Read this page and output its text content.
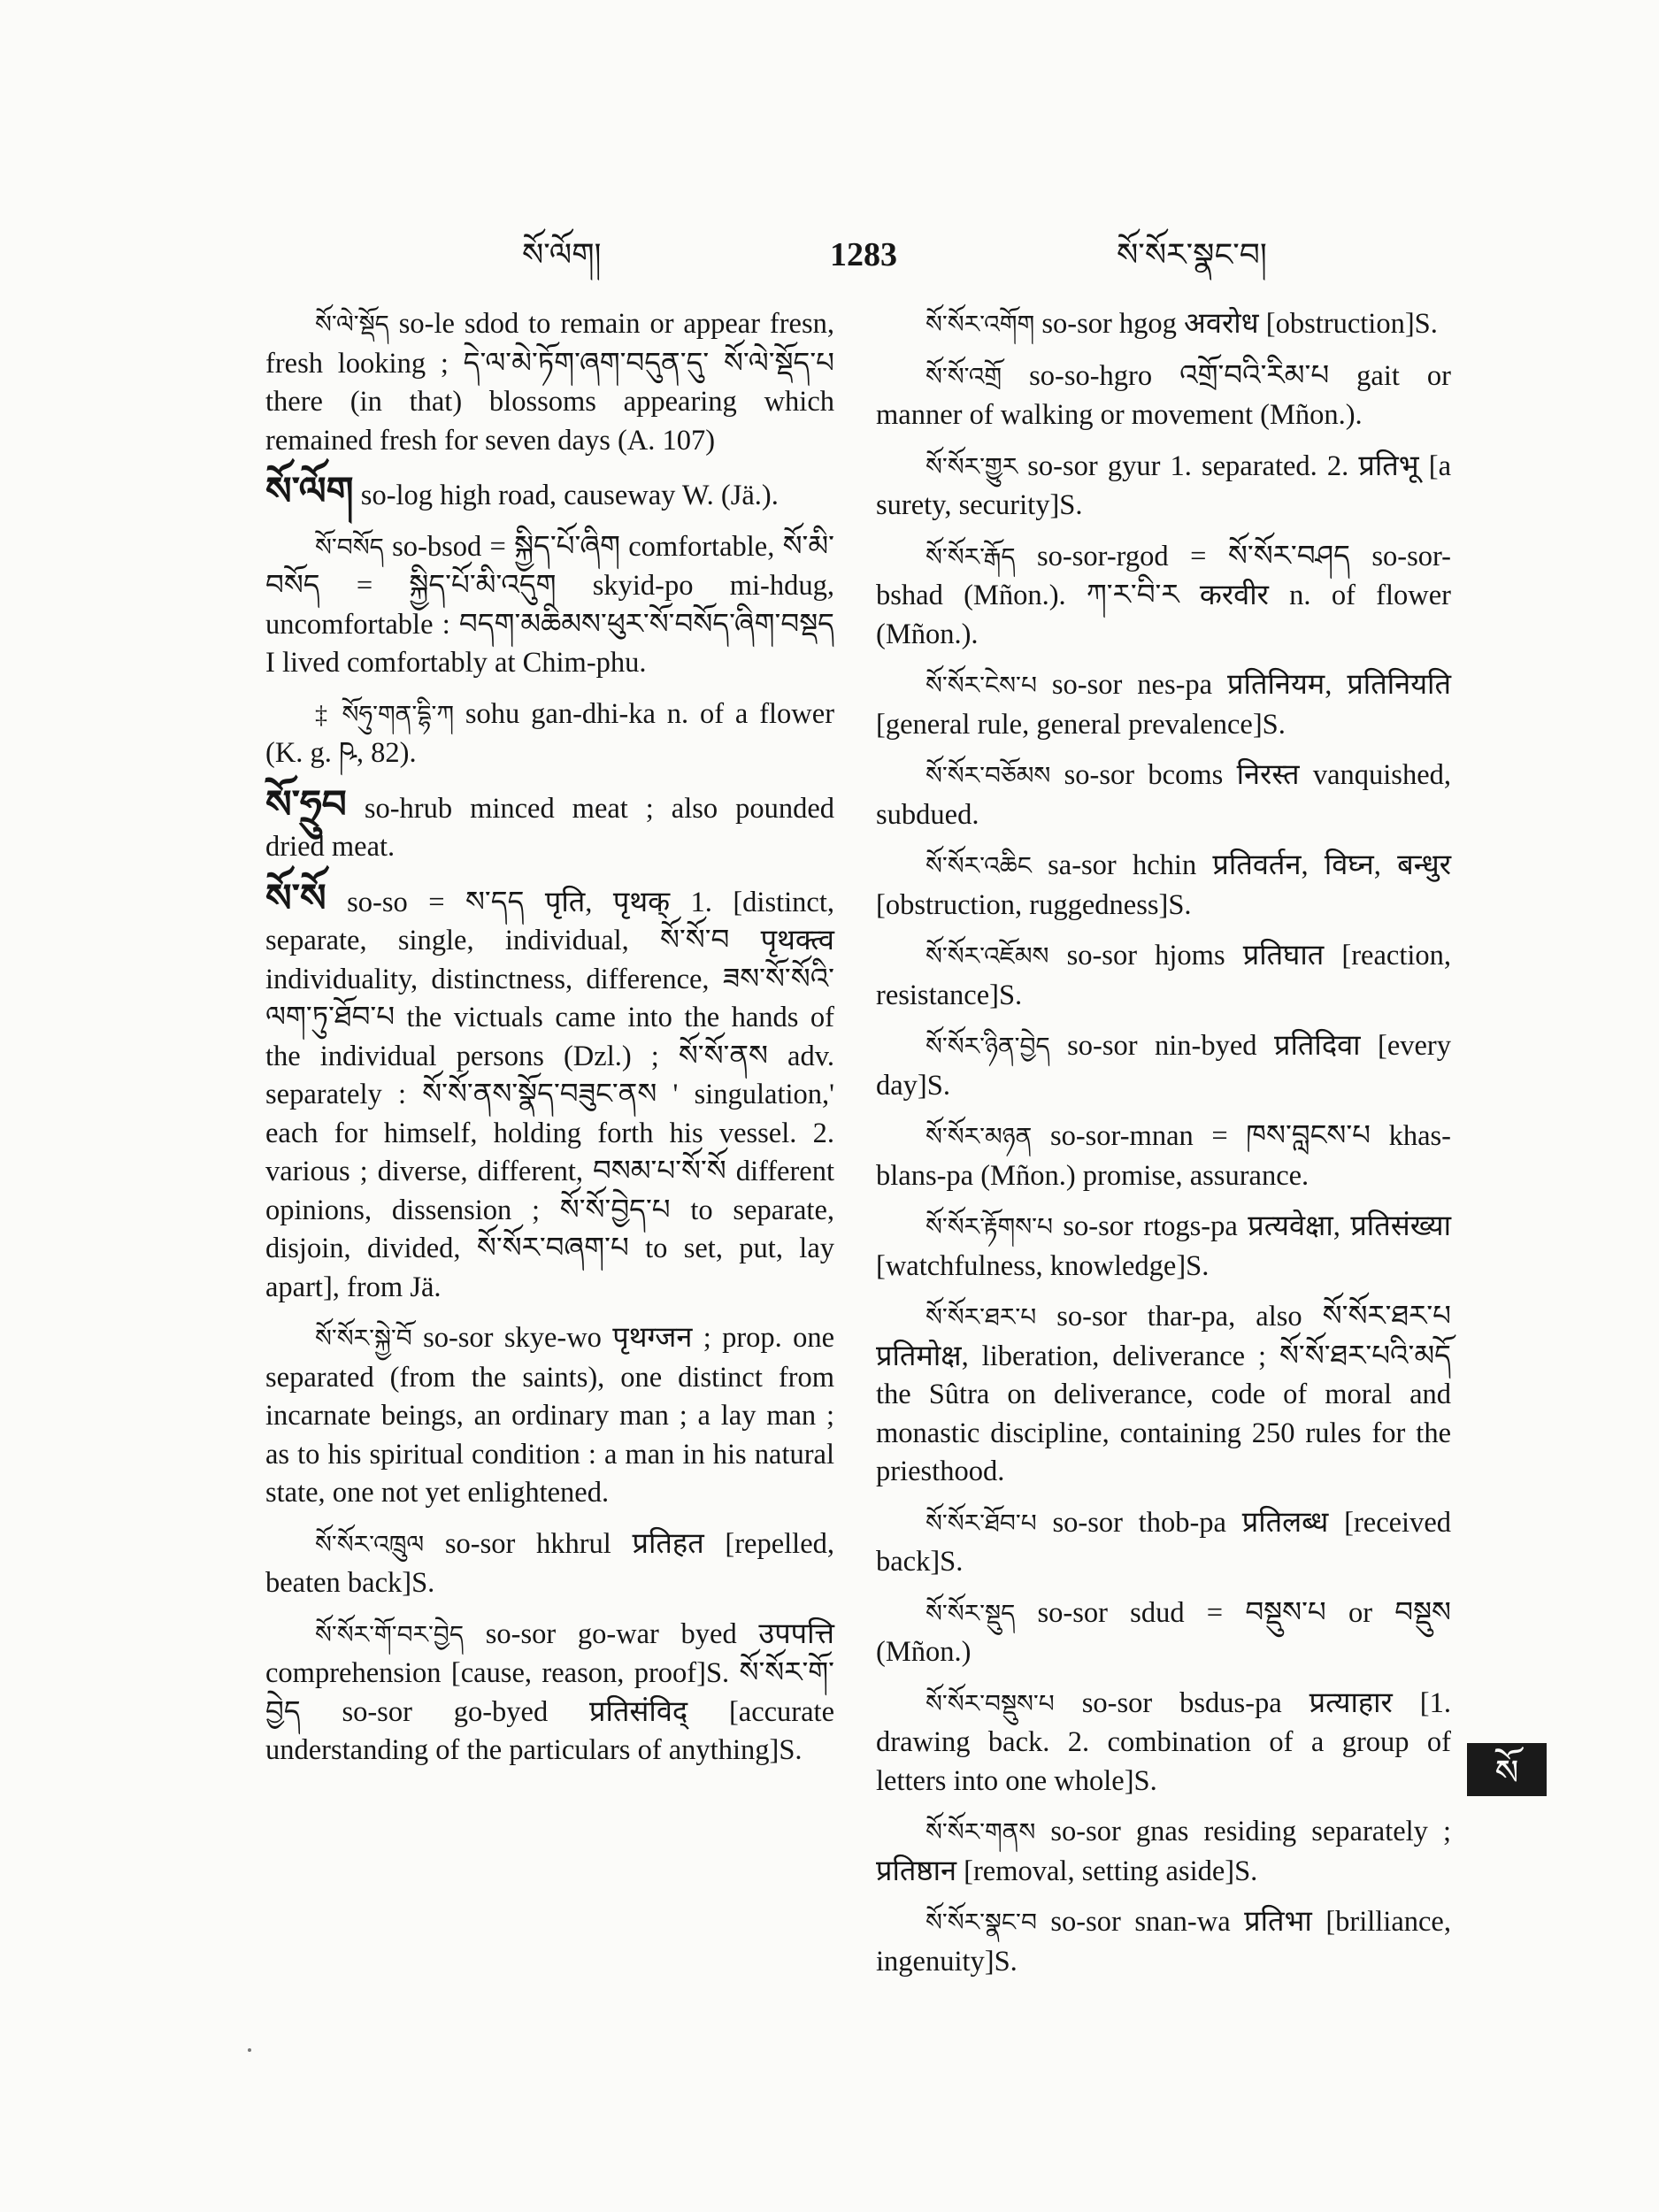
སོ་ལོག།	1283	སོ་སོར་སྣང་བ།

སོ་ལེ་སྡོད so-le sdod to remain or appear fresn, fresh looking ; དེ་ལ་མེ་ཏོག་ཞག་བདུན་དུ་ སོ་ལེ་སྡོད་པ there (in that) blossoms appearing which remained fresh for seven days (A. 107)

སོ་ལོག so-log high road, causeway W. (Jä.).

སོ་བསོད so-bsod = སྐྱིད་པོ་ཞིག comfortable, སོ་མི་བསོད = སྐྱིད་པོ་མི་འདུག skyid-po mi-hdug, uncomfortable : བདག་མཆིམས་ཕུར་སོ་བསོད་ཞིག་བསྡད I lived comfortably at Chim-phu.

‡ སོཧུ་གན་དྷི་ཀ sohu gan-dhi-ka n. of a flower (K. g. ཥ, 82).

སོ་ཧྲུབ so-hrub minced meat ; also pounded dried meat.

སོ་སོ so-so = ས་དད पृति, पृथक् 1. [distinct, separate, single, individual, སོ་སོ་བ पृथक्त्व individuality, distinctness, difference, ཟས་སོ་སོའི་ལག་ཏུ་ཐོབ་པ the victuals came into the hands of the individual persons (Dzl.) ; སོ་སོ་ནས adv. separately : སོ་སོ་ནས་སྣོད་བཟུང་ནས ' singulation,' each for himself, holding forth his vessel. 2. various ; diverse, different, བསམ་པ་སོ་སོ different opinions, dissension ; སོ་སོ་བྱེད་པ to separate, disjoin, divided, སོ་སོར་བཞག་པ to set, put, lay apart], from Jä.

སོ་སོར་སྐྱེ་བོ so-sor skye-wo पृथग्जन ; prop. one separated (from the saints), one distinct from incarnate beings, an ordinary man ; a lay man ; as to his spiritual condition : a man in his natural state, one not yet enlightened.

སོ་སོར་འཁྲུལ so-sor hkhrul प्रतिहत [repelled, beaten back]S.

སོ་སོར་གོ་བར་བྱེད so-sor go-war byed उपपत्ति comprehension [cause, reason, proof]S. སོ་སོར་གོ་བྱེད so-sor go-byed प्रतिसंविद् [accurate understanding of the particulars of anything]S.

སོ་སོར་འགོག so-sor hgog अवरोध [obstruction]S.

སོ་སོ་འགྲོ so-so-hgro འགྲོ་བའི་རིམ་པ gait or manner of walking or movement (Mñon.).

སོ་སོར་གྱུར so-sor gyur 1. separated. 2. प्रतिभू [a surety, security]S.

སོ་སོར་རྒོད so-sor-rgod = སོ་སོར་བཤད so-sor-bshad (Mñon.). ཀ་ར་བི་ར करवीर n. of flower (Mñon.).

སོ་སོར་ངེས་པ so-sor nes-pa प्रतिनियम, प्रतिनियति [general rule, general prevalence]S.

སོ་སོར་བཅོམས so-sor bcoms निरस्त vanquished, subdued.

སོ་སོར་འཆིང sa-sor hchin प्रतिवर्तन, विघ्न, बन्धुर [obstruction, ruggedness]S.

སོ་སོར་འཇོམས so-sor hjoms प्रतिघात [reaction, resistance]S.

སོ་སོར་ཉིན་བྱེད so-sor nin-byed प्रतिदिवा [every day]S.

སོ་སོར་མཉན so-sor-mnan = ཁས་བླངས་པ khas-blans-pa (Mñon.) promise, assurance.

སོ་སོར་རྟོགས་པ so-sor rtogs-pa प्रत्यवेक्षा, प्रतिसंख्या [watchfulness, knowledge]S.

སོ་སོར་ཐར་པ so-sor thar-pa, also སོ་སོར་ཐར་པ प्रतिमोक्ष, liberation, deliverance ; སོ་སོ་ཐར་པའི་མདོ the Sûtra on deliverance, code of moral and monastic discipline, containing 250 rules for the priesthood.

སོ་སོར་ཐོབ་པ so-sor thob-pa प्रतिलब्ध [received back]S.

སོ་སོར་སྡུད so-sor sdud = བསྡུས་པ or བསྡུས (Mñon.)

སོ་སོར་བསྡུས་པ so-sor bsdus-pa प्रत्याहार [1. drawing back. 2. combination of a group of letters into one whole]S.

སོ་སོར་གནས so-sor gnas residing separately ; प्रतिष्ठान [removal, setting aside]S.

སོ་སོར་སྣང་བ so-sor snan-wa प्रतिभा [brilliance, ingenuity]S.

སོ
